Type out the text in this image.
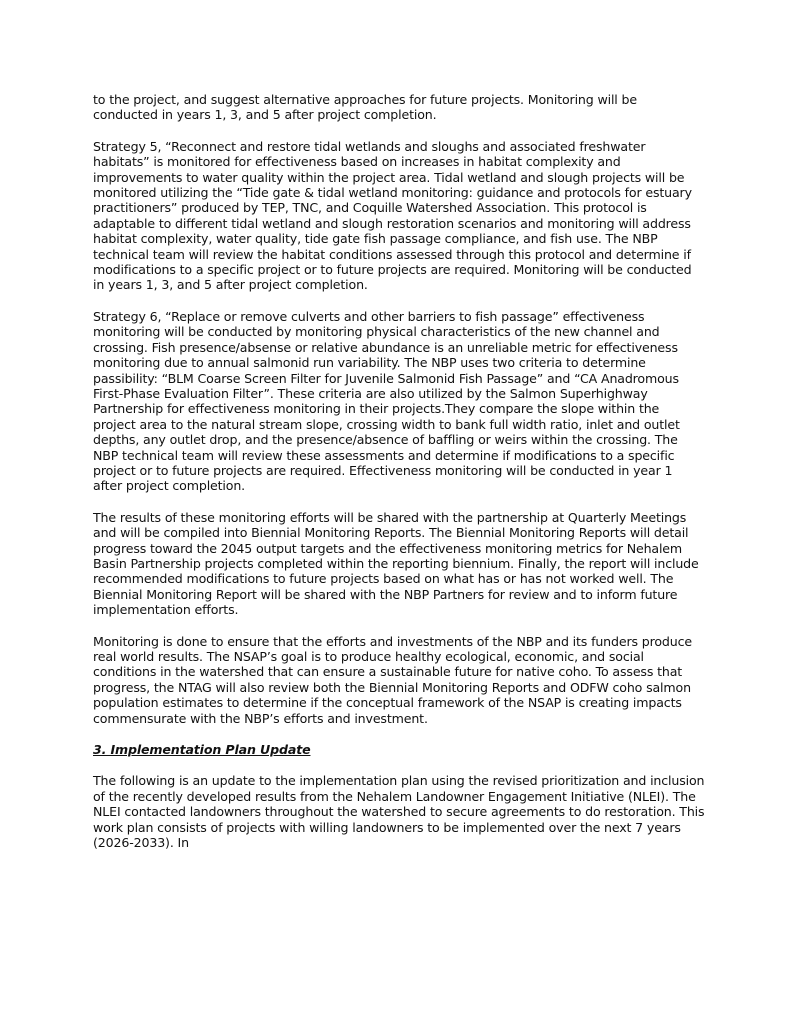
to the project, and suggest alternative approaches for future projects. Monitoring will be conducted in years 1, 3, and 5 after project completion.

Strategy 5, “Reconnect and restore tidal wetlands and sloughs and associated freshwater habitats” is monitored for effectiveness based on increases in habitat complexity and improvements to water quality within the project area. Tidal wetland and slough projects will be monitored utilizing the “Tide gate & tidal wetland monitoring: guidance and protocols for estuary practitioners” produced by TEP, TNC, and Coquille Watershed Association. This protocol is adaptable to different tidal wetland and slough restoration scenarios and monitoring will address habitat complexity, water quality, tide gate fish passage compliance, and fish use. The NBP technical team will review the habitat conditions assessed through this protocol and determine if modifications to a specific project or to future projects are required. Monitoring will be conducted in years 1, 3, and 5 after project completion.

Strategy 6, “Replace or remove culverts and other barriers to fish passage” effectiveness monitoring will be conducted by monitoring physical characteristics of the new channel and crossing. Fish presence/absense or relative abundance is an unreliable metric for effectiveness monitoring due to annual salmonid run variability. The NBP uses two criteria to determine passibility: “BLM Coarse Screen Filter for Juvenile Salmonid Fish Passage” and “CA Anadromous First-Phase Evaluation Filter”. These criteria are also utilized by the Salmon Superhighway Partnership for effectiveness monitoring in their projects.They compare the slope within the project area to the natural stream slope, crossing width to bank full width ratio, inlet and outlet depths, any outlet drop, and the presence/absence of baffling or weirs within the crossing. The NBP technical team will review these assessments and determine if modifications to a specific project or to future projects are required. Effectiveness monitoring will be conducted in year 1 after project completion.

The results of these monitoring efforts will be shared with the partnership at Quarterly Meetings and will be compiled into Biennial Monitoring Reports. The Biennial Monitoring Reports will detail progress toward the 2045 output targets and the effectiveness monitoring metrics for Nehalem Basin Partnership projects completed within the reporting biennium. Finally, the report will include recommended modifications to future projects based on what has or has not worked well. The Biennial Monitoring Report will be shared with the NBP Partners for review and to inform future implementation efforts.

Monitoring is done to ensure that the efforts and investments of the NBP and its funders produce real world results. The NSAP’s goal is to produce healthy ecological, economic, and social conditions in the watershed that can ensure a sustainable future for native coho. To assess that progress, the NTAG will also review both the Biennial Monitoring Reports and ODFW coho salmon population estimates to determine if the conceptual framework of the NSAP is creating impacts commensurate with the NBP’s efforts and investment.

3. Implementation Plan Update

The following is an update to the implementation plan using the revised prioritization and inclusion of the recently developed results from the Nehalem Landowner Engagement Initiative (NLEI). The NLEI contacted landowners throughout the watershed to secure agreements to do restoration. This work plan consists of projects with willing landowners to be implemented over the next 7 years (2026-2033). In
